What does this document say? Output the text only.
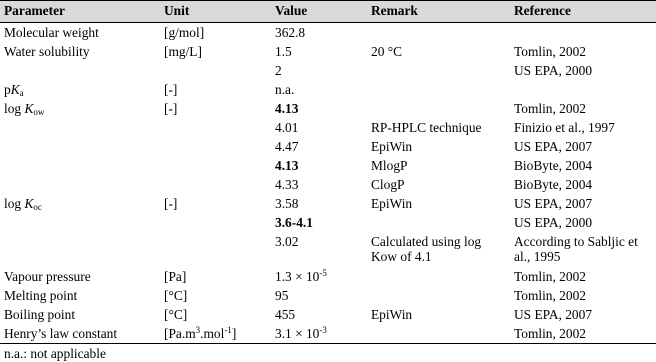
Parameter	Unit	Value	Remark	Reference
Molecular weight	[g/mol]	362.8		
Water solubility	[mg/L]	1.5	20 °C	Tomlin, 2002
		2		US EPA, 2000
$pK_a$	[-]	n.a.		
$\log K_{ow}$	[-]	4.13		Tomlin, 2002
		4.01	RP-HPLC technique	Finizio et al., 1997
		4.47	EpiWin	US EPA, 2007
		4.13	MlogP	BioByte, 2004
		4.33	ClogP	BioByte, 2004
$\log K_{oc}$	[-]	3.58	EpiWin	US EPA, 2007
		3.6-4.1		US EPA, 2000
		3.02	Calculated using log Kow of 4.1	According to Sabljic et al., 1995
Vapour pressure	[Pa]	$1.3 \times 10^{-5}$		Tomlin, 2002
Melting point	[°C]	95		Tomlin, 2002
Boiling point	[°C]	455	EpiWin	US EPA, 2007
Henry’s law constant	$[Pa.m^3.mol^{-1}]$	$3.1 \times 10^{-3}$		Tomlin, 2002
n.a.: not applicable
